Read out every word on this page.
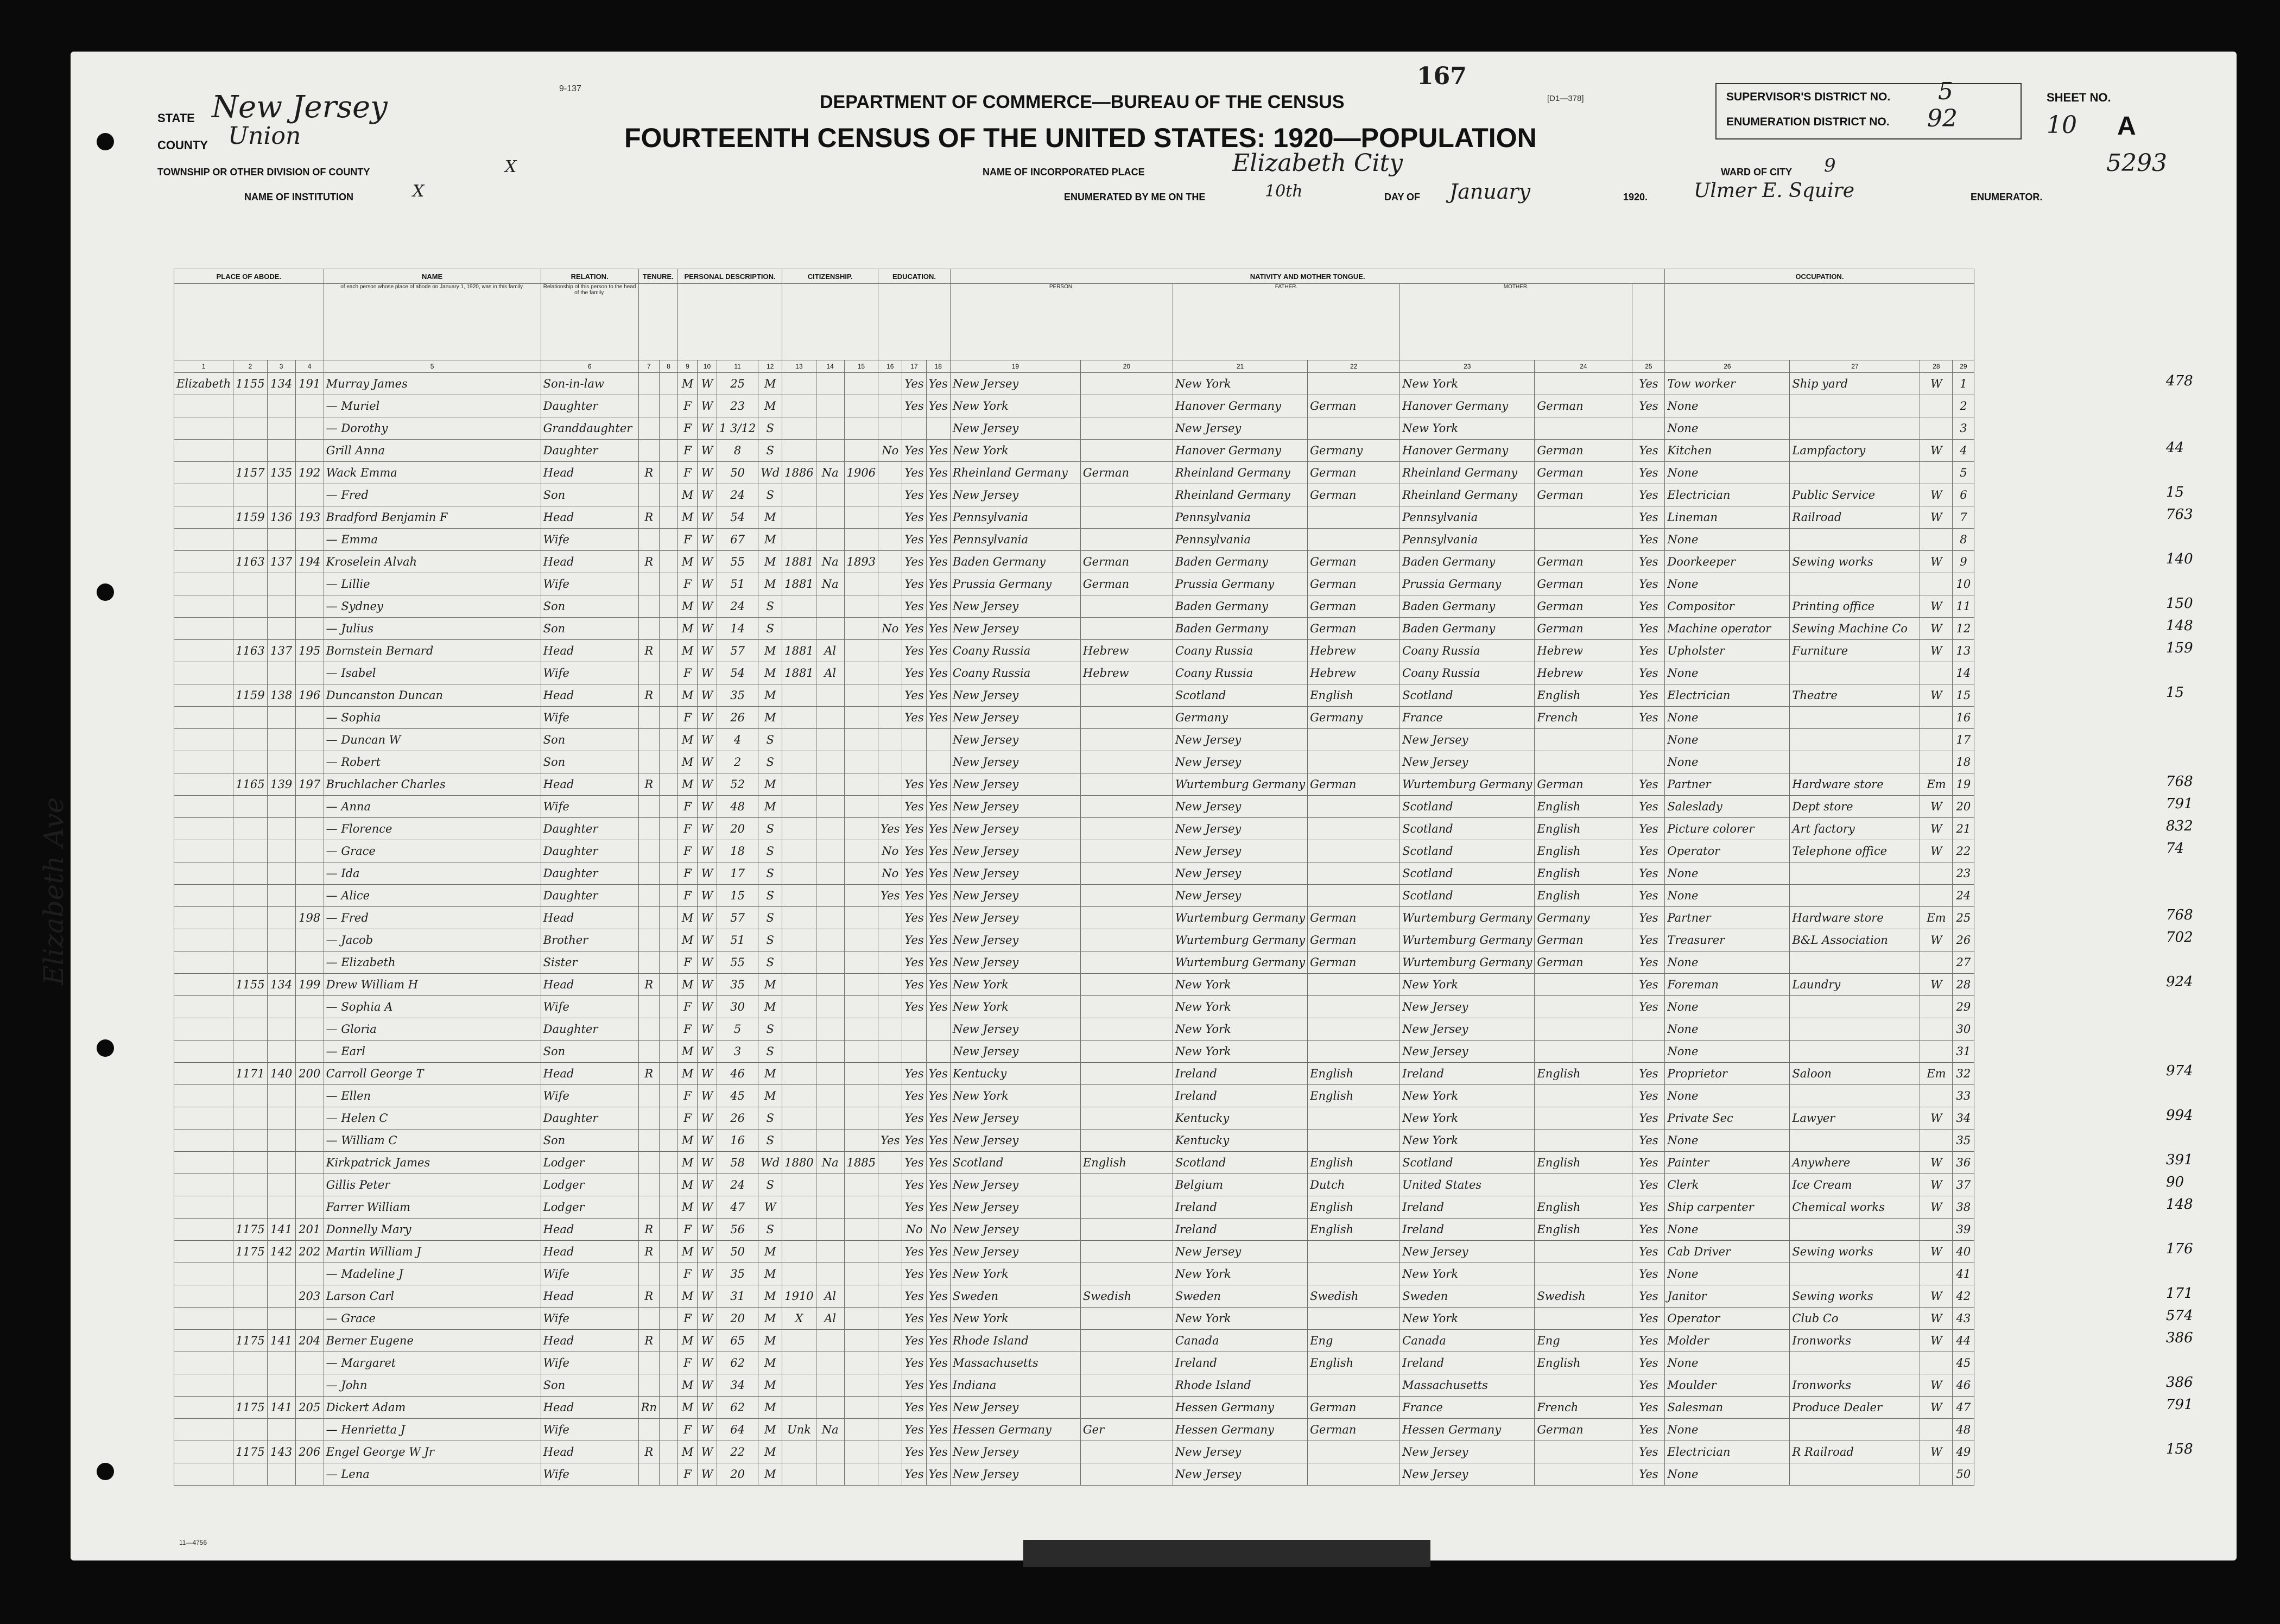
9-137	167
DEPARTMENT OF COMMERCE—BUREAU OF THE CENSUS
FOURTEENTH CENSUS OF THE UNITED STATES: 1920—POPULATION
[D1—378]
STATE New Jersey
COUNTY Union
TOWNSHIP OR OTHER DIVISION OF COUNTY	X
NAME OF INSTITUTION	X
NAME OF INCORPORATED PLACE	Elizabeth City	WARD OF CITY 9
ENUMERATED BY ME ON THE	10th	DAY OF January	1920. Ulmer E. Squire	ENUMERATOR.
SUPERVISOR'S DISTRICT NO. 5
ENUMERATION DISTRICT NO. 92
SHEET NO.
10 A
5293
Elizabeth Ave
PLACE OF ABODE.				NAME	RELATION.	TENURE.		PERSONAL DESCRIPTION.				CITIZENSHIP.			EDUCATION.			NATIVITY AND MOTHER TONGUE.							OCCUPATION.			
				of each person whose place of abode on January 1, 1920, was in this family.	Relationship of this person to the head of the family.													PERSON.		FATHER.		MOTHER.						
1	2	3	4	5	6	7	8	9	10	11	12	13	14	15	16	17	18	19	20	21	22	23	24	25	26	27	28	29
Elizabeth	1155	134	191	Murray James	Son-in-law			M	W	25	M					Yes	Yes	New Jersey		New York		New York		Yes	Tow worker	Ship yard	W	1
				— Muriel	Daughter			F	W	23	M					Yes	Yes	New York		Hanover Germany	German	Hanover Germany	German	Yes	None			2
				— Dorothy	Granddaughter			F	W	1 3/12	S							New Jersey		New Jersey		New York			None			3
				Grill Anna	Daughter			F	W	8	S				No	Yes	Yes	New York		Hanover Germany	Germany	Hanover Germany	German	Yes	Kitchen	Lampfactory	W	4
	1157	135	192	Wack Emma	Head	R		F	W	50	Wd	1886	Na	1906		Yes	Yes	Rheinland Germany	German	Rheinland Germany	German	Rheinland Germany	German	Yes	None			5
				— Fred	Son			M	W	24	S					Yes	Yes	New Jersey		Rheinland Germany	German	Rheinland Germany	German	Yes	Electrician	Public Service	W	6
	1159	136	193	Bradford Benjamin F	Head	R		M	W	54	M					Yes	Yes	Pennsylvania		Pennsylvania		Pennsylvania		Yes	Lineman	Railroad	W	7
				— Emma	Wife			F	W	67	M					Yes	Yes	Pennsylvania		Pennsylvania		Pennsylvania		Yes	None			8
	1163	137	194	Kroselein Alvah	Head	R		M	W	55	M	1881	Na	1893		Yes	Yes	Baden Germany	German	Baden Germany	German	Baden Germany	German	Yes	Doorkeeper	Sewing works	W	9
				— Lillie	Wife			F	W	51	M	1881	Na			Yes	Yes	Prussia Germany	German	Prussia Germany	German	Prussia Germany	German	Yes	None			10
				— Sydney	Son			M	W	24	S					Yes	Yes	New Jersey		Baden Germany	German	Baden Germany	German	Yes	Compositor	Printing office	W	11
				— Julius	Son			M	W	14	S				No	Yes	Yes	New Jersey		Baden Germany	German	Baden Germany	German	Yes	Machine operator	Sewing Machine Co	W	12
	1163	137	195	Bornstein Bernard	Head	R		M	W	57	M	1881	Al			Yes	Yes	Coany Russia	Hebrew	Coany Russia	Hebrew	Coany Russia	Hebrew	Yes	Upholster	Furniture	W	13
				— Isabel	Wife			F	W	54	M	1881	Al			Yes	Yes	Coany Russia	Hebrew	Coany Russia	Hebrew	Coany Russia	Hebrew	Yes	None			14
	1159	138	196	Duncanston Duncan	Head	R		M	W	35	M					Yes	Yes	New Jersey		Scotland	English	Scotland	English	Yes	Electrician	Theatre	W	15
				— Sophia	Wife			F	W	26	M					Yes	Yes	New Jersey		Germany	Germany	France	French	Yes	None			16
				— Duncan W	Son			M	W	4	S							New Jersey		New Jersey		New Jersey			None			17
				— Robert	Son			M	W	2	S							New Jersey		New Jersey		New Jersey			None			18
	1165	139	197	Bruchlacher Charles	Head	R		M	W	52	M					Yes	Yes	New Jersey		Wurtemburg Germany	German	Wurtemburg Germany	German	Yes	Partner	Hardware store	Em	19
				— Anna	Wife			F	W	48	M					Yes	Yes	New Jersey		New Jersey		Scotland	English	Yes	Saleslady	Dept store	W	20
				— Florence	Daughter			F	W	20	S				Yes	Yes	Yes	New Jersey		New Jersey		Scotland	English	Yes	Picture colorer	Art factory	W	21
				— Grace	Daughter			F	W	18	S				No	Yes	Yes	New Jersey		New Jersey		Scotland	English	Yes	Operator	Telephone office	W	22
				— Ida	Daughter			F	W	17	S				No	Yes	Yes	New Jersey		New Jersey		Scotland	English	Yes	None			23
				— Alice	Daughter			F	W	15	S				Yes	Yes	Yes	New Jersey		New Jersey		Scotland	English	Yes	None			24
			198	— Fred	Head			M	W	57	S					Yes	Yes	New Jersey		Wurtemburg Germany	German	Wurtemburg Germany	Germany	Yes	Partner	Hardware store	Em	25
				— Jacob	Brother			M	W	51	S					Yes	Yes	New Jersey		Wurtemburg Germany	German	Wurtemburg Germany	German	Yes	Treasurer	B&L Association	W	26
				— Elizabeth	Sister			F	W	55	S					Yes	Yes	New Jersey		Wurtemburg Germany	German	Wurtemburg Germany	German	Yes	None			27
	1155	134	199	Drew William H	Head	R		M	W	35	M					Yes	Yes	New York		New York		New York		Yes	Foreman	Laundry	W	28
				— Sophia A	Wife			F	W	30	M					Yes	Yes	New York		New York		New Jersey		Yes	None			29
				— Gloria	Daughter			F	W	5	S							New Jersey		New York		New Jersey			None			30
				— Earl	Son			M	W	3	S							New Jersey		New York		New Jersey			None			31
	1171	140	200	Carroll George T	Head	R		M	W	46	M					Yes	Yes	Kentucky		Ireland	English	Ireland	English	Yes	Proprietor	Saloon	Em	32
				— Ellen	Wife			F	W	45	M					Yes	Yes	New York		Ireland	English	New York		Yes	None			33
				— Helen C	Daughter			F	W	26	S					Yes	Yes	New Jersey		Kentucky		New York		Yes	Private Sec	Lawyer	W	34
				— William C	Son			M	W	16	S				Yes	Yes	Yes	New Jersey		Kentucky		New York		Yes	None			35
				Kirkpatrick James	Lodger			M	W	58	Wd	1880	Na	1885		Yes	Yes	Scotland	English	Scotland	English	Scotland	English	Yes	Painter	Anywhere	W	36
				Gillis Peter	Lodger			M	W	24	S					Yes	Yes	New Jersey		Belgium	Dutch	United States		Yes	Clerk	Ice Cream	W	37
				Farrer William	Lodger			M	W	47	W					Yes	Yes	New Jersey		Ireland	English	Ireland	English	Yes	Ship carpenter	Chemical works	W	38
	1175	141	201	Donnelly Mary	Head	R		F	W	56	S					No	No	New Jersey		Ireland	English	Ireland	English	Yes	None			39
	1175	142	202	Martin William J	Head	R		M	W	50	M					Yes	Yes	New Jersey		New Jersey		New Jersey		Yes	Cab Driver	Sewing works	W	40
				— Madeline J	Wife			F	W	35	M					Yes	Yes	New York		New York		New York		Yes	None			41
			203	Larson Carl	Head	R		M	W	31	M	1910	Al			Yes	Yes	Sweden	Swedish	Sweden	Swedish	Sweden	Swedish	Yes	Janitor	Sewing works	W	42
				— Grace	Wife			F	W	20	M	X	Al			Yes	Yes	New York		New York		New York		Yes	Operator	Club Co	W	43
	1175	141	204	Berner Eugene	Head	R		M	W	65	M					Yes	Yes	Rhode Island		Canada	Eng	Canada	Eng	Yes	Molder	Ironworks	W	44
				— Margaret	Wife			F	W	62	M					Yes	Yes	Massachusetts		Ireland	English	Ireland	English	Yes	None			45
				— John	Son			M	W	34	M					Yes	Yes	Indiana		Rhode Island		Massachusetts		Yes	Moulder	Ironworks	W	46
	1175	141	205	Dickert Adam	Head	Rn		M	W	62	M					Yes	Yes	New Jersey		Hessen Germany	German	France	French	Yes	Salesman	Produce Dealer	W	47
				— Henrietta J	Wife			F	W	64	M	Unk	Na			Yes	Yes	Hessen Germany	Ger	Hessen Germany	German	Hessen Germany	German	Yes	None			48
	1175	143	206	Engel George W Jr	Head	R		M	W	22	M					Yes	Yes	New Jersey		New Jersey		New Jersey		Yes	Electrician	R Railroad	W	49
				— Lena	Wife			F	W	20	M					Yes	Yes	New Jersey		New Jersey		New Jersey		Yes	None			50
11—4756
478
44
15
763
140
150
148
159
15
768
791
832
74
768
702
924
974
994
391
90
148
176
171
574
386
386
791
158
